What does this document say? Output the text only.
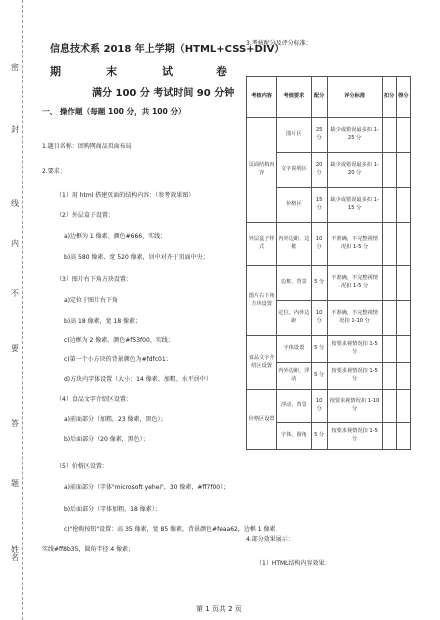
密
封
线
内
不
要
答
题
姓名
信息技术系 2018 年上学期（HTML+CSS+DIV）
期	末	试	卷
满分 100 分 考试时间 90 分钟
一、 操作题（每题 100 分，共 100 分）
1.题目名称：团购网商品页面布局
2.要求：
（1）用 html 搭建页面的结构内容：（参考效果图）
（2）外层盒子设置：
a)边框为 1 像素、颜色#666、实线；
b)高 580 像素、宽 520 像素，居中对齐于页面中央；
（3）图片右下角方块设置：
a)定位于图片右下角
b)高 18 像素，宽 18 像素；
c)边框为 2 像素、颜色#f53f00、实线；
c)第一个小方块的背景颜色为#fdfc01；
d)方块内字体设置（大小：14 像素、加粗、水平居中）
（4）食品文字介绍区设置：
a)前面部分（加粗，23 像素，黑色）；
b)后面部分（20 像素，黑色）；
（5）价格区设置：
a)前面部分（字体"microsoft yehei"，30 像素，#ff7f00）；
b)后面部分（字体加粗，18 像素）；
c)"抢购按钮"设置：高 35 像素，宽 85 像素，背景颜色#feaa62，边框 1 像素
实线#ff8b35，圆角半径 4 像素；
3.考核配分及评分标准：
考核内容	考核要求	配分	评分标准	扣分	得分
页面结构内容	图片区	25 分	缺少或错误最多扣 1-25 分		
	文字说明区	20 分	缺少或错误最多扣 1-20 分		
	价格区	15 分	缺少或错误最多扣 1-15 分		
外层盒子样式	内外边距、边框	10 分	不准确，不完整视情况扣 1-5 分		
图片右下角方块设置	边框、背景	5 分	不准确，不完整视情况扣 1-5 分		
	定位，内外边距	10 分	不准确，不完整视情况扣 1-10 分		
食品文字介绍区设置	字体设置	5 分	按要求视情况扣 1-5 分		
	内外边距，浮动	5 分	按要求视情况扣 1-5 分		
价格区设置	浮动、背景	10 分	按要求视情况扣 1-10 分		
	字体、圆角	5 分	按要求视情况扣 1-5 分		
4.部分效果展示：
（1）HTML结构内容效果：
第 1 页共 2 页
